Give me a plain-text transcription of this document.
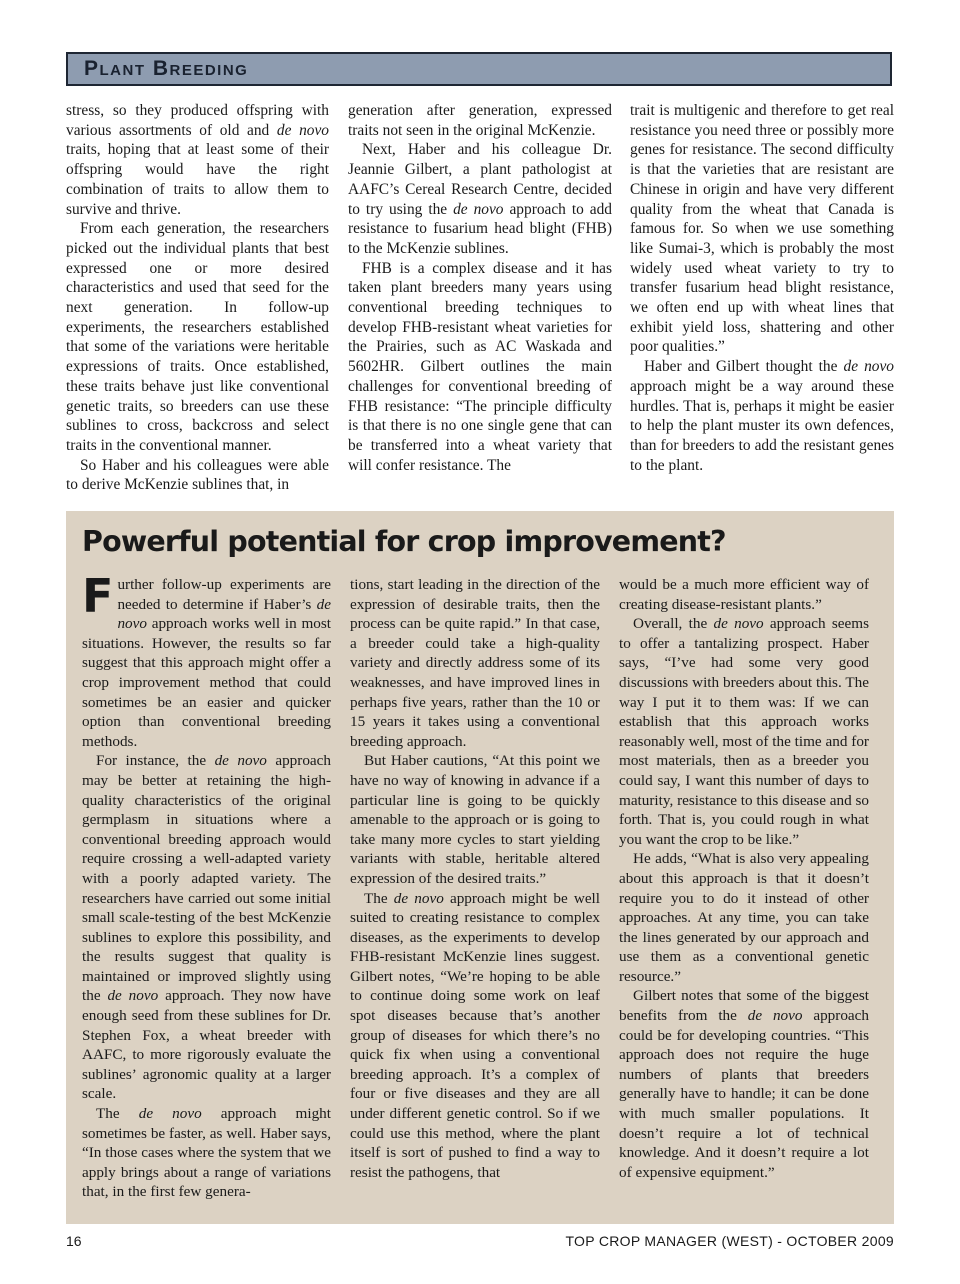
Plant Breeding

stress, so they produced offspring with various assortments of old and de novo traits, hoping that at least some of their offspring would have the right combination of traits to allow them to survive and thrive.

From each generation, the researchers picked out the individual plants that best expressed one or more desired characteristics and used that seed for the next generation. In follow-up experiments, the researchers established that some of the variations were heritable expressions of traits. Once established, these traits behave just like conventional genetic traits, so breeders can use these sublines to cross, backcross and select traits in the conventional manner.

So Haber and his colleagues were able to derive McKenzie sublines that, in

generation after generation, expressed traits not seen in the original McKenzie.

Next, Haber and his colleague Dr. Jeannie Gilbert, a plant pathologist at AAFC’s Cereal Research Centre, decided to try using the de novo approach to add resistance to fusarium head blight (FHB) to the McKenzie sublines.

FHB is a complex disease and it has taken plant breeders many years using conventional breeding techniques to develop FHB-resistant wheat varieties for the Prairies, such as AC Waskada and 5602HR. Gilbert outlines the main challenges for conventional breeding of FHB resistance: “The principle difficulty is that there is no one single gene that can be transferred into a wheat variety that will confer resistance. The

trait is multigenic and therefore to get real resistance you need three or possibly more genes for resistance. The second difficulty is that the varieties that are resistant are Chinese in origin and have very different quality from the wheat that Canada is famous for. So when we use something like Sumai-3, which is probably the most widely used wheat variety to try to transfer fusarium head blight resistance, we often end up with wheat lines that exhibit yield loss, shattering and other poor qualities.”

Haber and Gilbert thought the de novo approach might be a way around these hurdles. That is, perhaps it might be easier to help the plant muster its own defences, than for breeders to add the resistant genes to the plant.

Powerful potential for crop improvement?

Further follow-up experiments are needed to determine if Haber’s de novo approach works well in most situations. However, the results so far suggest that this approach might offer a crop improvement method that could sometimes be an easier and quicker option than conventional breeding methods.

For instance, the de novo approach may be better at retaining the high-quality characteristics of the original germplasm in situations where a conventional breeding approach would require crossing a well-adapted variety with a poorly adapted variety. The researchers have carried out some initial small scale-testing of the best McKenzie sublines to explore this possibility, and the results suggest that quality is maintained or improved slightly using the de novo approach. They now have enough seed from these sublines for Dr. Stephen Fox, a wheat breeder with AAFC, to more rigorously evaluate the sublines’ agronomic quality at a larger scale.

The de novo approach might sometimes be faster, as well. Haber says, “In those cases where the system that we apply brings about a range of variations that, in the first few genera-

tions, start leading in the direction of the expression of desirable traits, then the process can be quite rapid.” In that case, a breeder could take a high-quality variety and directly address some of its weaknesses, and have improved lines in perhaps five years, rather than the 10 or 15 years it takes using a conventional breeding approach.

But Haber cautions, “At this point we have no way of knowing in advance if a particular line is going to be quickly amenable to the approach or is going to take many more cycles to start yielding variants with stable, heritable altered expression of the desired traits.”

The de novo approach might be well suited to creating resistance to complex diseases, as the experiments to develop FHB-resistant McKenzie lines suggest. Gilbert notes, “We’re hoping to be able to continue doing some work on leaf spot diseases because that’s another group of diseases for which there’s no quick fix when using a conventional breeding approach. It’s a complex of four or five diseases and they are all under different genetic control. So if we could use this method, where the plant itself is sort of pushed to find a way to resist the pathogens, that

would be a much more efficient way of creating disease-resistant plants.”

Overall, the de novo approach seems to offer a tantalizing prospect. Haber says, “I’ve had some very good discussions with breeders about this. The way I put it to them was: If we can establish that this approach works reasonably well, most of the time and for most materials, then as a breeder you could say, I want this number of days to maturity, resistance to this disease and so forth. That is, you could rough in what you want the crop to be like.”

He adds, “What is also very appealing about this approach is that it doesn’t require you to do it instead of other approaches. At any time, you can take the lines generated by our approach and use them as a conventional genetic resource.”

Gilbert notes that some of the biggest benefits from the de novo approach could be for developing countries. “This approach does not require the huge numbers of plants that breeders generally have to handle; it can be done with much smaller populations. It doesn’t require a lot of technical knowledge. And it doesn’t require a lot of expensive equipment.”

16	TOP CROP MANAGER (WEST) - OCTOBER 2009
